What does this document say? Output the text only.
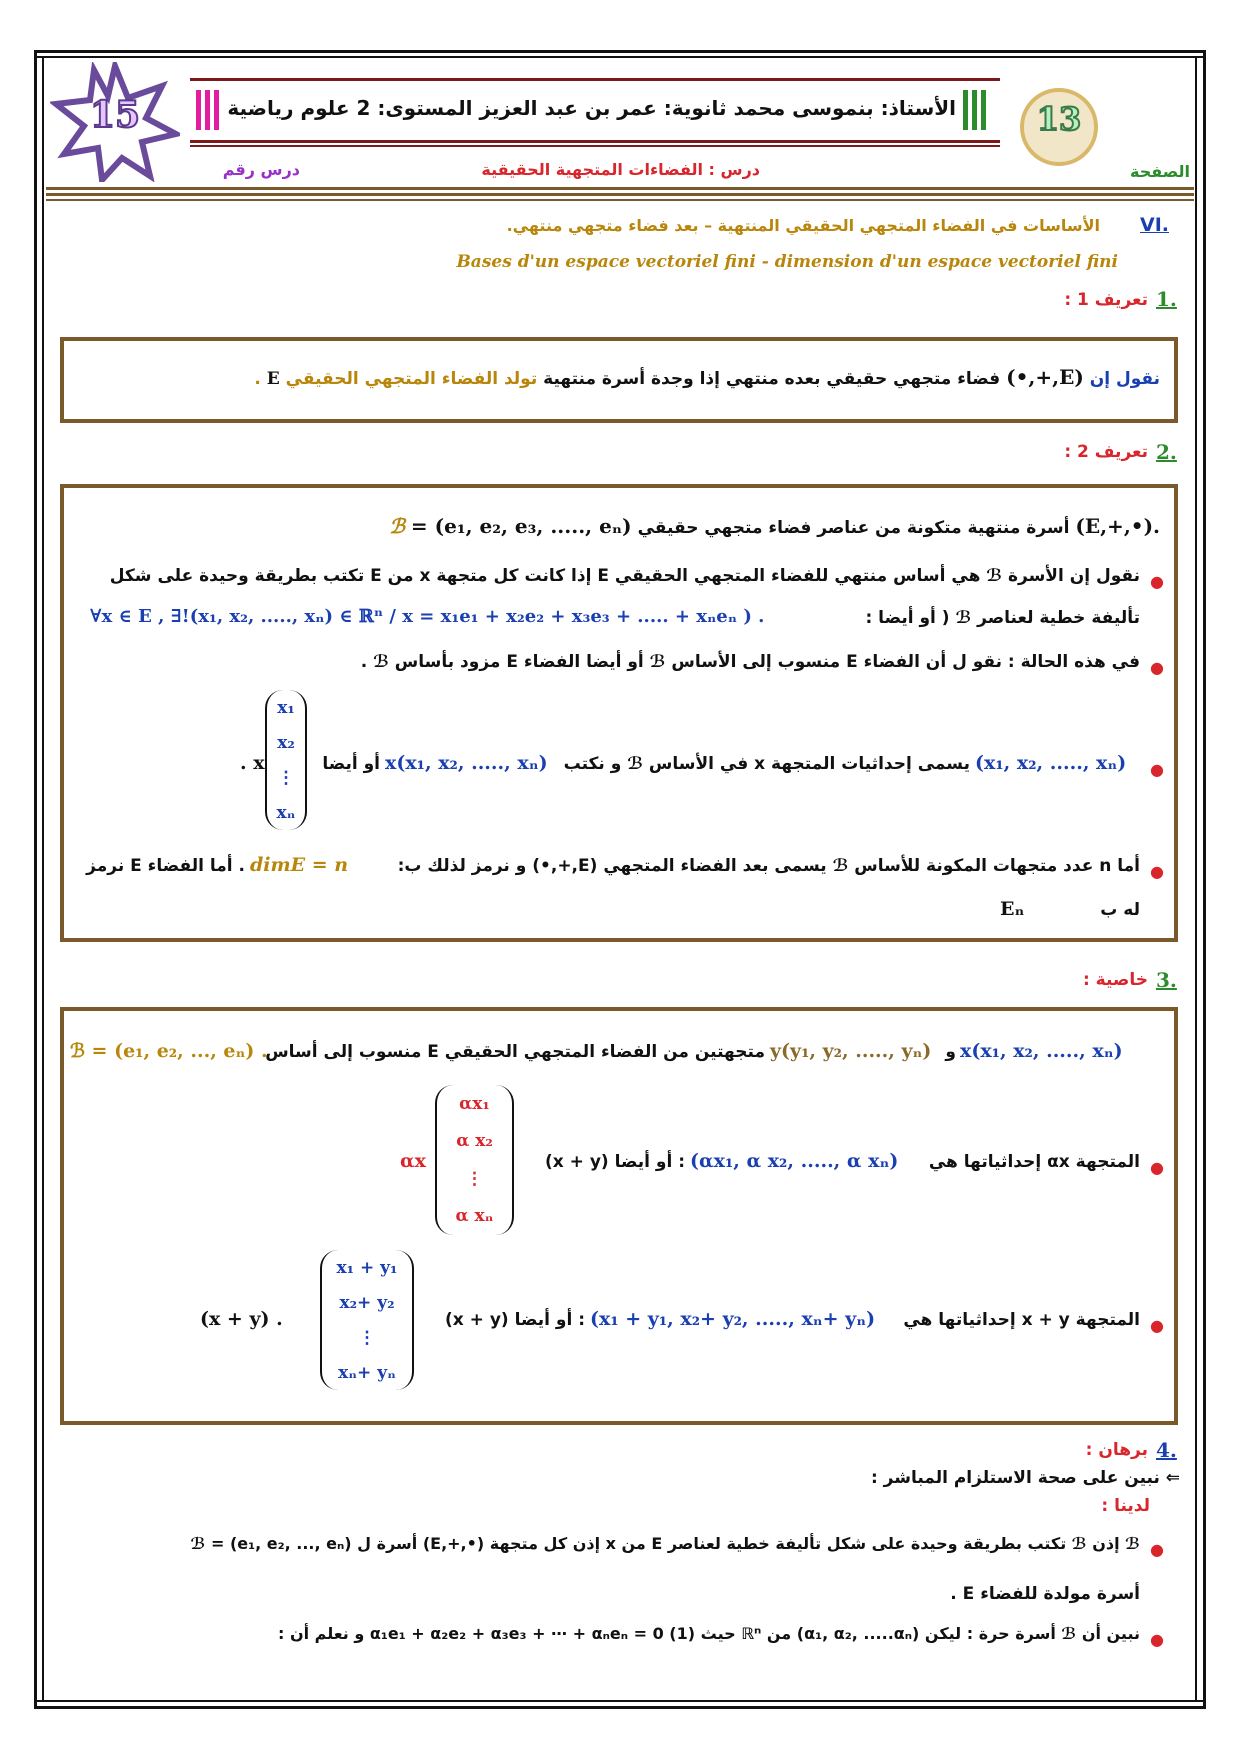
15	الأستاذ: بنموسى محمد ثانوية: عمر بن عبد العزيز المستوى: 2 علوم رياضية	13
الصفحة
درس : الفضاءات المتجهية الحقيقية
درس رقم
VI.
الأساسات في الفضاء المتجهي الحقيقي المنتهية – بعد فضاء متجهي منتهي.
Bases d'un espace vectoriel fini - dimension d'un espace vectoriel fini
1.
تعريف 1 :
نقول إن (E,+,•) فضاء متجهي حقيقي بعده منتهي إذا وجدة أسرة منتهية تولد الفضاء المتجهي الحقيقي E .
2.
تعريف 2 :
ℬ = (e₁, e₂, e₃, ....., eₙ) أسرة منتهية متكونة من عناصر فضاء متجهي حقيقي (E,+,•).
●
نقول إن الأسرة ℬ هي أساس منتهي للفضاء المتجهي الحقيقي E إذا كانت كل متجهة x من E تكتب بطريقة وحيدة على شكل
تأليفة خطية لعناصر ℬ ( أو أيضا :
∀x ∈ E , ∃!(x₁, x₂, ....., xₙ) ∈ ℝⁿ / x = x₁e₁ + x₂e₂ + x₃e₃ + ..... + xₙeₙ ) .
●
في هذه الحالة : نقو ل أن الفضاء E منسوب إلى الأساس ℬ أو أيضا الفضاء E مزود بأساس ℬ .
●
(x₁, x₂, ....., xₙ)
يسمى إحداثيات المتجهة x في الأساس ℬ و نكتب
x(x₁, x₂, ....., xₙ)
أو أيضا
. x
x₁
x₂
⋮
xₙ
●
أما n عدد متجهات المكونة للأساس ℬ يسمى بعد الفضاء المتجهي (E,+,•) و نرمز لذلك ب:
dimE = n
. أما الفضاء E نرمز
له ب
Eₙ
3.
خاصية :
x(x₁, x₂, ....., xₙ)
و
y(y₁, y₂, ....., yₙ)
متجهتين من الفضاء المتجهي الحقيقي E منسوب إلى أساس
ℬ = (e₁, e₂, ..., eₙ) .
●
المتجهة αx إحداثياتها هي
(αx₁, α x₂, ....., α xₙ)
(x + y) أو أيضا :
αx
αx₁
α x₂
⋮
α xₙ
●
المتجهة x + y إحداثياتها هي
(x₁ + y₁, x₂+ y₂, ....., xₙ+ yₙ)
(x + y) أو أيضا :
x₁ + y₁
x₂+ y₂
⋮
xₙ+ yₙ
(x + y) .
4.
برهان :
⇐ نبين على صحة الاستلزام المباشر :
لدينا :
●
ℬ = (e₁, e₂, ..., eₙ) أسرة ل (E,+,•) إذن كل متجهة x من E تكتب بطريقة وحيدة على شكل تأليفة خطية لعناصر ℬ إذن ℬ
أسرة مولدة للفضاء E .
●
نبين أن ℬ أسرة حرة : ليكن (α₁, α₂, .....αₙ) من ℝⁿ حيث α₁e₁ + α₂e₂ + α₃e₃ + ⋯ + αₙeₙ = 0 (1) و نعلم أن :
